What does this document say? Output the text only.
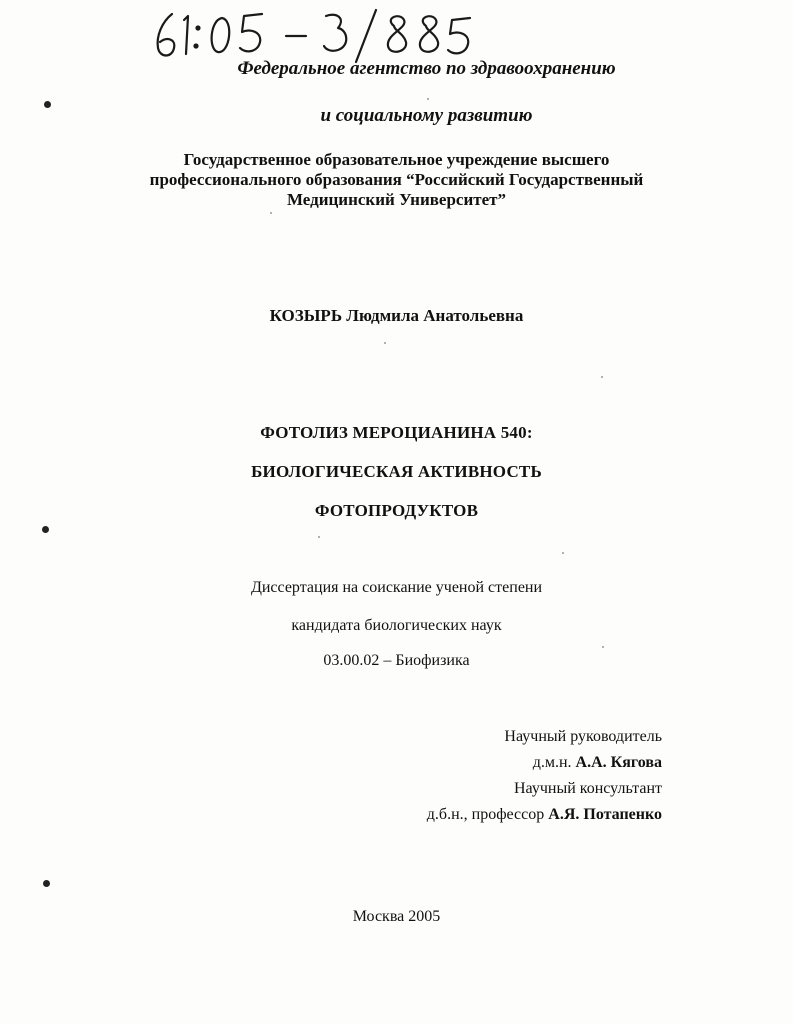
Федеральное агентство по здравоохранению
и социальному развитию
Государственное образовательное учреждение высшего
профессионального образования “Российский Государственный
Медицинский Университет”
КОЗЫРЬ Людмила Анатольевна
ФОТОЛИЗ МЕРОЦИАНИНА 540:
БИОЛОГИЧЕСКАЯ АКТИВНОСТЬ
ФОТОПРОДУКТОВ
Диссертация на соискание ученой степени
кандидата биологических наук
03.00.02 – Биофизика
Научный руководитель
д.м.н. А.А. Кягова
Научный консультант
д.б.н., профессор А.Я. Потапенко
Москва 2005
